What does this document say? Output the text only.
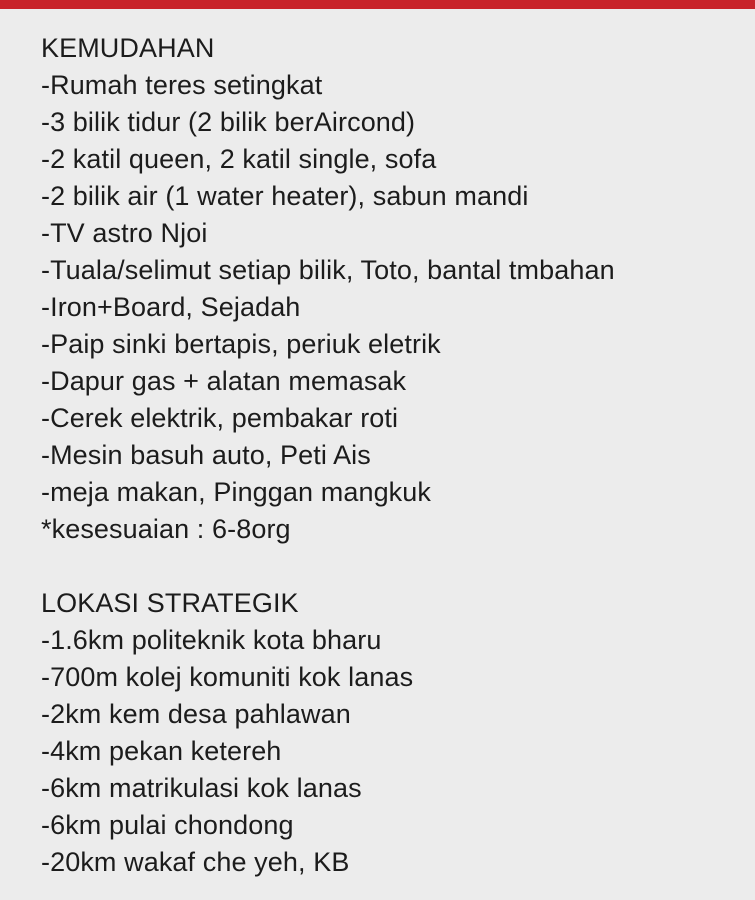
KEMUDAHAN
-Rumah teres setingkat
-3 bilik tidur (2 bilik berAircond)
-2 katil queen, 2 katil single, sofa
-2 bilik air (1 water heater), sabun mandi
-TV astro Njoi
-Tuala/selimut setiap bilik, Toto, bantal tmbahan
-Iron+Board, Sejadah
-Paip sinki bertapis, periuk eletrik
-Dapur gas + alatan memasak
-Cerek elektrik, pembakar roti
-Mesin basuh auto, Peti Ais
-meja makan, Pinggan mangkuk
*kesesuaian : 6-8org
LOKASI STRATEGIK
-1.6km politeknik kota bharu
-700m kolej komuniti kok lanas
-2km kem desa pahlawan
-4km pekan ketereh
-6km matrikulasi kok lanas
-6km pulai chondong
-20km wakaf che yeh, KB
